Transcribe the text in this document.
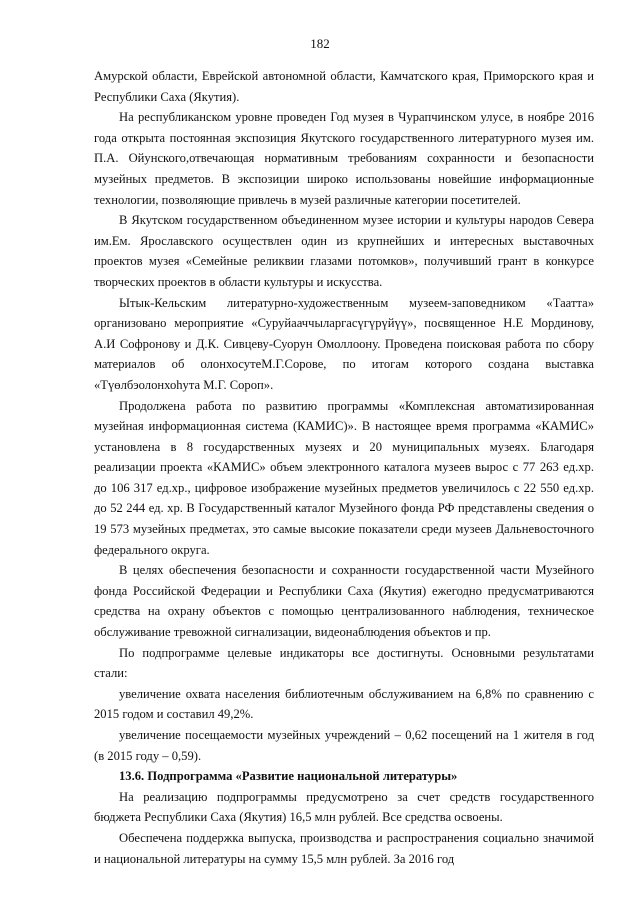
182

Амурской области, Еврейской автономной области, Камчатского края, Приморского края и Республики Саха (Якутия).

На республиканском уровне проведен Год музея в Чурапчинском улусе, в ноябре 2016 года открыта постоянная экспозиция Якутского государственного литературного музея им. П.А. Ойунского,отвечающая нормативным требованиям сохранности и безопасности музейных предметов. В экспозиции широко использованы новейшие информационные технологии, позволяющие привлечь в музей различные категории посетителей.

В Якутском государственном объединенном музее истории и культуры народов Севера им.Ем. Ярославского осуществлен один из крупнейших и интересных выставочных проектов музея «Семейные реликвии глазами потомков», получивший грант в конкурсе творческих проектов в области культуры и искусства.

Ытык-Кельским литературно-художественным музеем-заповедником «Таатта» организовано мероприятие «Суруйааччыларгасүгүрүйүү», посвященное Н.Е Мординову, А.И Софронову и Д.К. Сивцеву-Суорун Омоллоону. Проведена поисковая работа по сбору материалов об олонхосутеМ.Г.Сорове, по итогам которого создана выставка «Түөлбэолонхоһута М.Г. Сороп».

Продолжена работа по развитию программы «Комплексная автоматизированная музейная информационная система (КАМИС)». В настоящее время программа «КАМИС» установлена в 8 государственных музеях и 20 муниципальных музеях. Благодаря реализации проекта «КАМИС» объем электронного каталога музеев вырос с 77 263 ед.хр. до 106 317 ед.хр., цифровое изображение музейных предметов увеличилось с 22 550 ед.хр. до 52 244 ед. хр. В Государственный каталог Музейного фонда РФ представлены сведения о 19 573 музейных предметах, это самые высокие показатели среди музеев Дальневосточного федерального округа.

В целях обеспечения безопасности и сохранности государственной части Музейного фонда Российской Федерации и Республики Саха (Якутия) ежегодно предусматриваются средства на охрану объектов с помощью централизованного наблюдения, техническое обслуживание тревожной сигнализации, видеонаблюдения объектов и пр.

По подпрограмме целевые индикаторы все достигнуты. Основными результатами стали:

увеличение охвата населения библиотечным обслуживанием на 6,8% по сравнению с 2015 годом и составил 49,2%.

увеличение посещаемости музейных учреждений – 0,62 посещений на 1 жителя в год (в 2015 году – 0,59).

13.6. Подпрограмма «Развитие национальной литературы»

На реализацию подпрограммы предусмотрено за счет средств государственного бюджета Республики Саха (Якутия) 16,5 млн рублей. Все средства освоены.

Обеспечена поддержка выпуска, производства и распространения социально значимой и национальной литературы на сумму 15,5 млн рублей. За 2016 год
